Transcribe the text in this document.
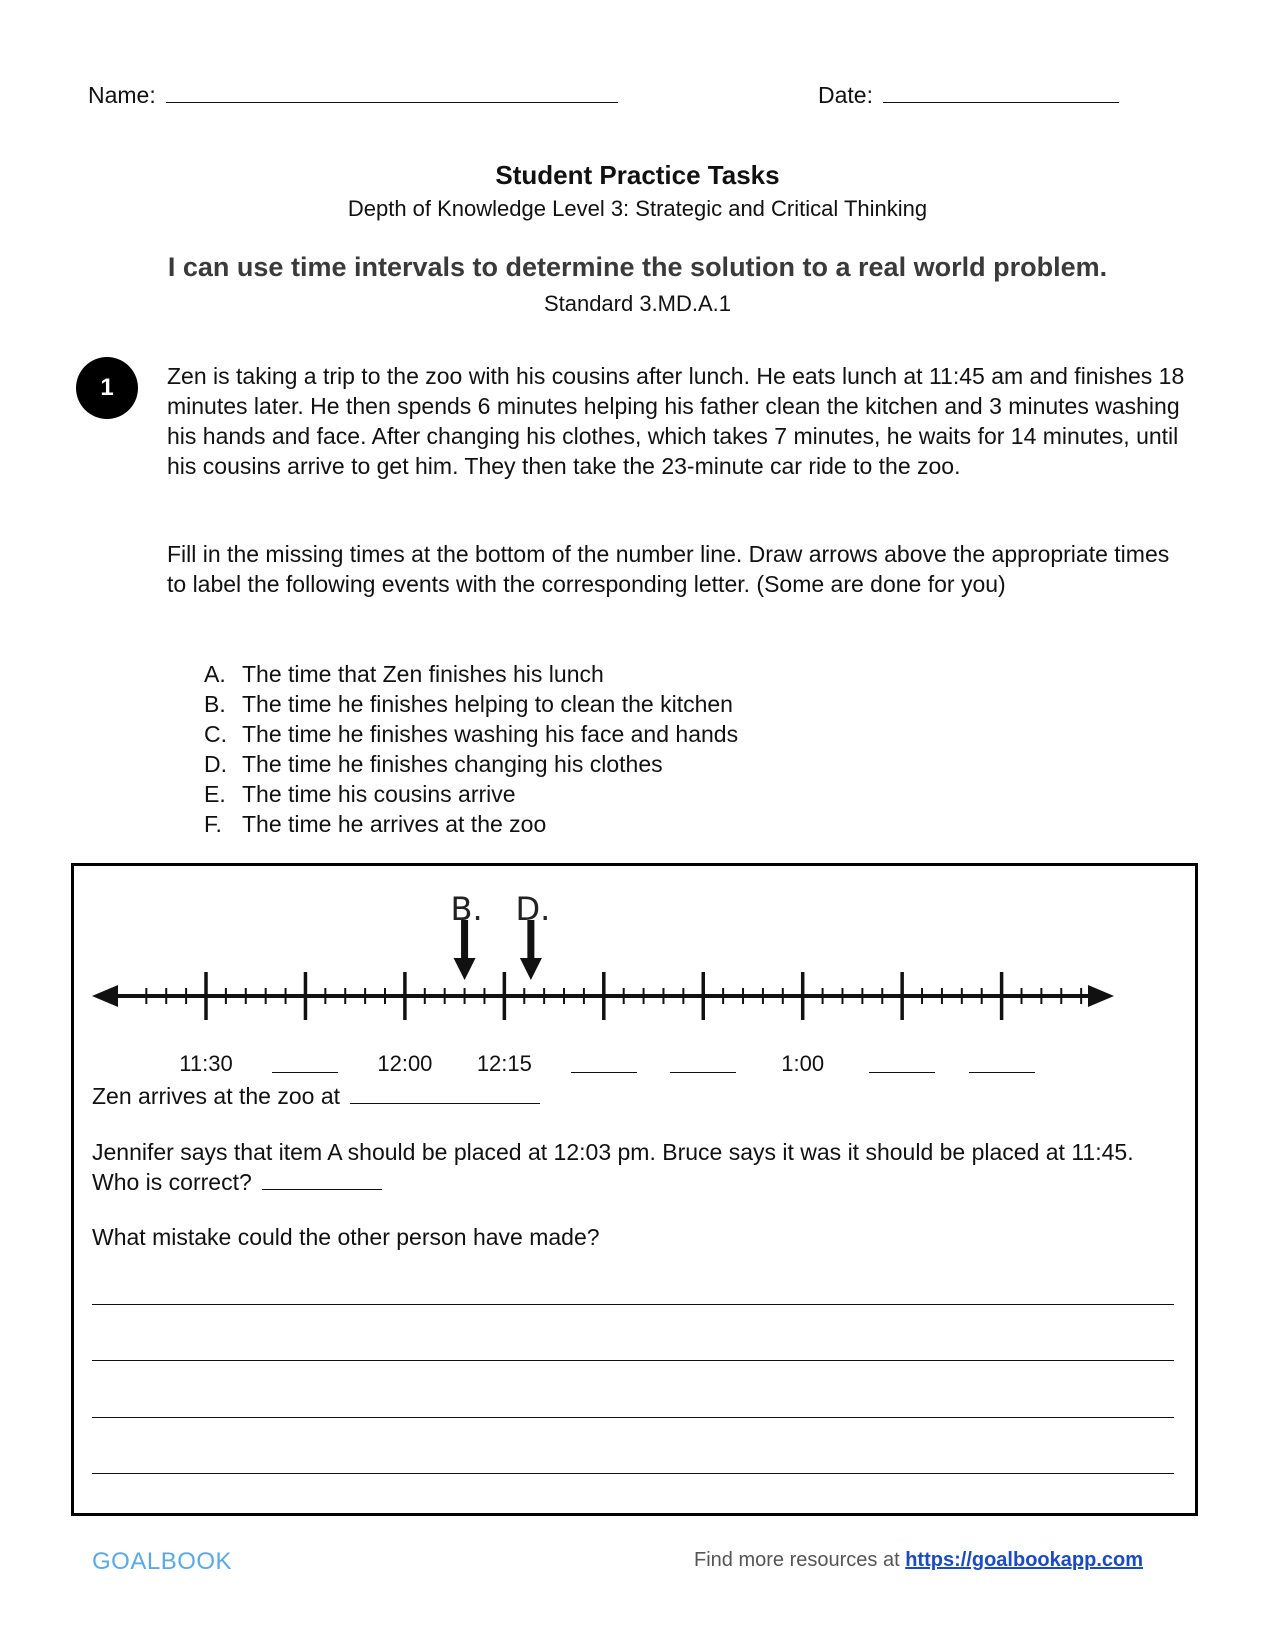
Name:	Date:
Student Practice Tasks
Depth of Knowledge Level 3: Strategic and Critical Thinking
I can use time intervals to determine the solution to a real world problem.
Standard 3.MD.A.1
1	Zen is taking a trip to the zoo with his cousins after lunch. He eats lunch at 11:45 am and finishes 18 minutes later. He then spends 6 minutes helping his father clean the kitchen and 3 minutes washing his hands and face. After changing his clothes, which takes 7 minutes, he waits for 14 minutes, until his cousins arrive to get him. They then take the 23-minute car ride to the zoo.
Fill in the missing times at the bottom of the number line. Draw arrows above the appropriate times to label the following events with the corresponding letter. (Some are done for you)
A. The time that Zen finishes his lunch
B. The time he finishes helping to clean the kitchen
C. The time he finishes washing his face and hands
D. The time he finishes changing his clothes
E. The time his cousins arrive
F. The time he arrives at the zoo
11:30	12:00 12:15	1:00
B. D.
Zen arrives at the zoo at
Jennifer says that item A should be placed at 12:03 pm. Bruce says it was it should be placed at 11:45. Who is correct?
What mistake could the other person have made?
GOALBOOK	Find more resources at https://goalbookapp.com
